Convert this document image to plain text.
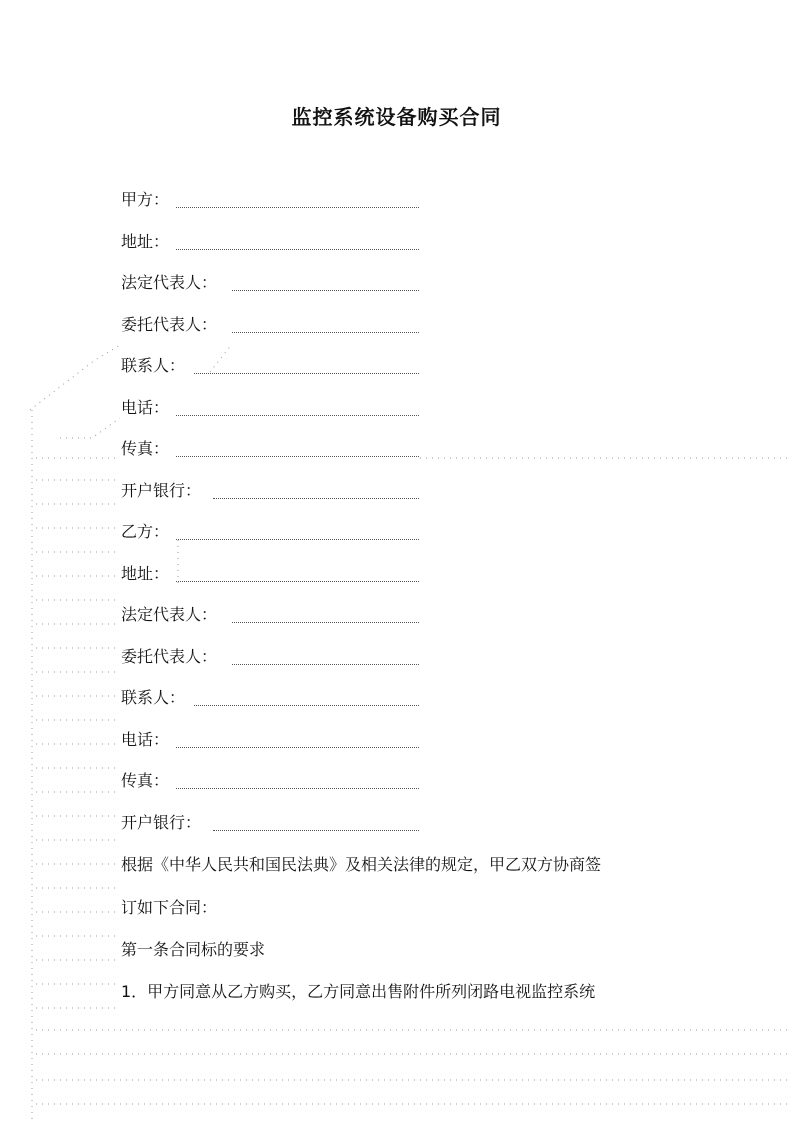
监控系统设备购买合同
甲方：
地址：
法定代表人：
委托代表人：
联系人：
电话：
传真：
开户银行：
乙方：
地址：
法定代表人：
委托代表人：
联系人：
电话：
传真：
开户银行：
根据《中华人民共和国民法典》及相关法律的规定，甲乙双方协商签
订如下合同：
第一条合同标的要求
1．甲方同意从乙方购买，乙方同意出售附件所列闭路电视监控系统
